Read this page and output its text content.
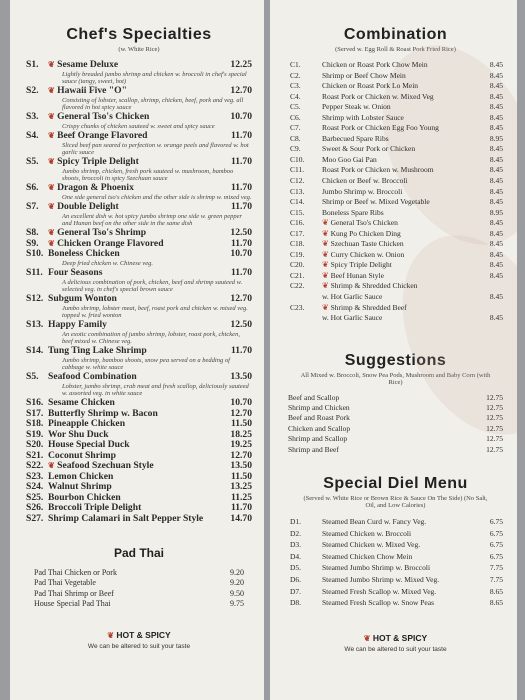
Chef's Specialties
(w. White Rice)
S1. ❦ Sesame Deluxe	12.25
Lightly breaded jumbo shrimp and chicken w. broccoli in chef's special sauce (tangy, sweet, hot)
S2. ❦ Hawaii Five "O"	12.70
Consisting of lobster, scallop, shrimp, chicken, beef, pork and veg. all flavored in hot spicy sauce
S3. ❦ General Tso's Chicken	10.70
Crispy chunks of chicken sauteed w. sweet and spicy sauce
S4. ❦ Beef Orange Flavored	11.70
Sliced beef pan seared to perfection w. orange peels and flavored w. hot garlic sauce
S5. ❦ Spicy Triple Delight	11.70
Jumbo shrimp, chicken, fresh pork sauteed w. mushroom, bamboo shoots, broccoli in spicy Szechuan sauce
S6. ❦ Dragon & Phoenix	11.70
One side general tso's chicken and the other side is shrimp w. mixed veg.
S7. ❦ Double Delight	11.70
An excellent dish w. hot spicy jumbo shrimp one side w. green pepper and Hunan beef on the other side in the same dish
S8. ❦ General Tso's Shrimp	12.50
S9. ❦ Chicken Orange Flavored	11.70
S10. Boneless Chicken	10.70
Deep fried chicken w. Chinese veg.
S11. Four Seasons	11.70
A delicious combination of pork, chicken, beef and shrimp sauteed w. selected veg. in chef's special brown sauce
S12. Subgum Wonton	12.70
Jumbo shrimp, lobster meat, beef, roast pork and chicken w. mixed veg. topped w. fried wonton
S13. Happy Family	12.50
An exotic combination of jumbo shrimp, lobster, roast pork, chicken, beef mixed w. Chinese veg.
S14. Tung Ting Lake Shrimp	11.70
Jumbo shrimp, bamboo shoots, snow pea served on a bedding of cabbage w. white sauce
S5. Seafood Combination	13.50
Lobster, jumbo shrimp, crab meat and fresh scallop, deliciously sauteed w. assorted veg. in white sauce
S16. Sesame Chicken	10.70
S17. Butterfly Shrimp w. Bacon	12.70
S18. Pineapple Chicken	11.50
S19. Wor Shu Duck	18.25
S20. House Special Duck	19.25
S21. Coconut Shrimp	12.70
S22. ❦ Seafood Szechuan Style	13.50
S23. Lemon Chicken	11.50
S24. Walnut Shrimp	13.25
S25. Bourbon Chicken	11.25
S26. Broccoli Triple Delight	11.70
S27. Shrimp Calamari in Salt Pepper Style	14.70
Pad Thai
Pad Thai Chicken or Pork	9.20
Pad Thai Vegetable	9.20
Pad Thai Shrimp or Beef	9.50
House Special Pad Thai	9.75
❦ HOT & SPICY
We can be altered to suit your taste
Combination
(Served w. Egg Roll & Roast Pork Fried Rice)
C1.	Chicken or Roast Pork Chow Mein	8.45
C2.	Shrimp or Beef Chow Mein	8.45
C3.	Chicken or Roast Pork Lo Mein	8.45
C4.	Roast Pork or Chicken w. Mixed Veg	8.45
C5.	Pepper Steak w. Onion	8.45
C6.	Shrimp with Lobster Sauce	8.45
C7.	Roast Pork or Chicken Egg Foo Young	8.45
C8.	Barbecued Spare Ribs	8.95
C9.	Sweet & Sour Pork or Chicken	8.45
C10. Moo Goo Gai Pan	8.45
C11. Roast Pork or Chicken w. Mushroom	8.45
C12. Chicken or Beef w. Broccoli	8.45
C13. Jumbo Shrimp w. Broccoli	8.45
C14. Shrimp or Beef w. Mixed Vegetable	8.45
C15. Boneless Spare Ribs	8.95
C16. ❦ General Tso's Chicken	8.45
C17. ❦ Kung Po Chicken Ding	8.45
C18. ❦ Szechuan Taste Chicken	8.45
C19. ❦ Curry Chicken w. Onion	8.45
C20. ❦ Spicy Triple Delight	8.45
C21. ❦ Beef Hunan Style	8.45
C22. ❦ Shrimp & Shredded Chicken
w. Hot Garlic Sauce	8.45
C23. ❦ Shrimp & Shredded Beef
w. Hot Garlic Sauce	8.45
Suggestions
All Mixed w. Broccoli, Snow Pea Pods, Mushroom and Baby Corn (with Rice)
Beef and Scallop	12.75
Shrimp and Chicken	12.75
Beef and Roast Pork	12.75
Chicken and Scallop	12.75
Shrimp and Scallop	12.75
Shrimp and Beef	12.75
Special Diel Menu
(Served w. White Rice or Brown Rice & Sauce On The Side) (No Salt, Oil, and Low Calories)
D1.	Steamed Bean Curd w. Fancy Veg.	6.75
D2.	Steamed Chicken w. Broccoli	6.75
D3.	Steamed Chicken w. Mixed Veg.	6.75
D4.	Steamed Chicken Chow Mein	6.75
D5.	Steamed Jumbo Shrimp w. Broccoli	7.75
D6.	Steamed Jumbo Shrimp w. Mixed Veg.	7.75
D7.	Steamed Fresh Scallop w. Mixed Veg.	8.65
D8.	Steamed Fresh Scallop w. Snow Peas	8.65
❦ HOT & SPICY
We can be altered to suit your taste
